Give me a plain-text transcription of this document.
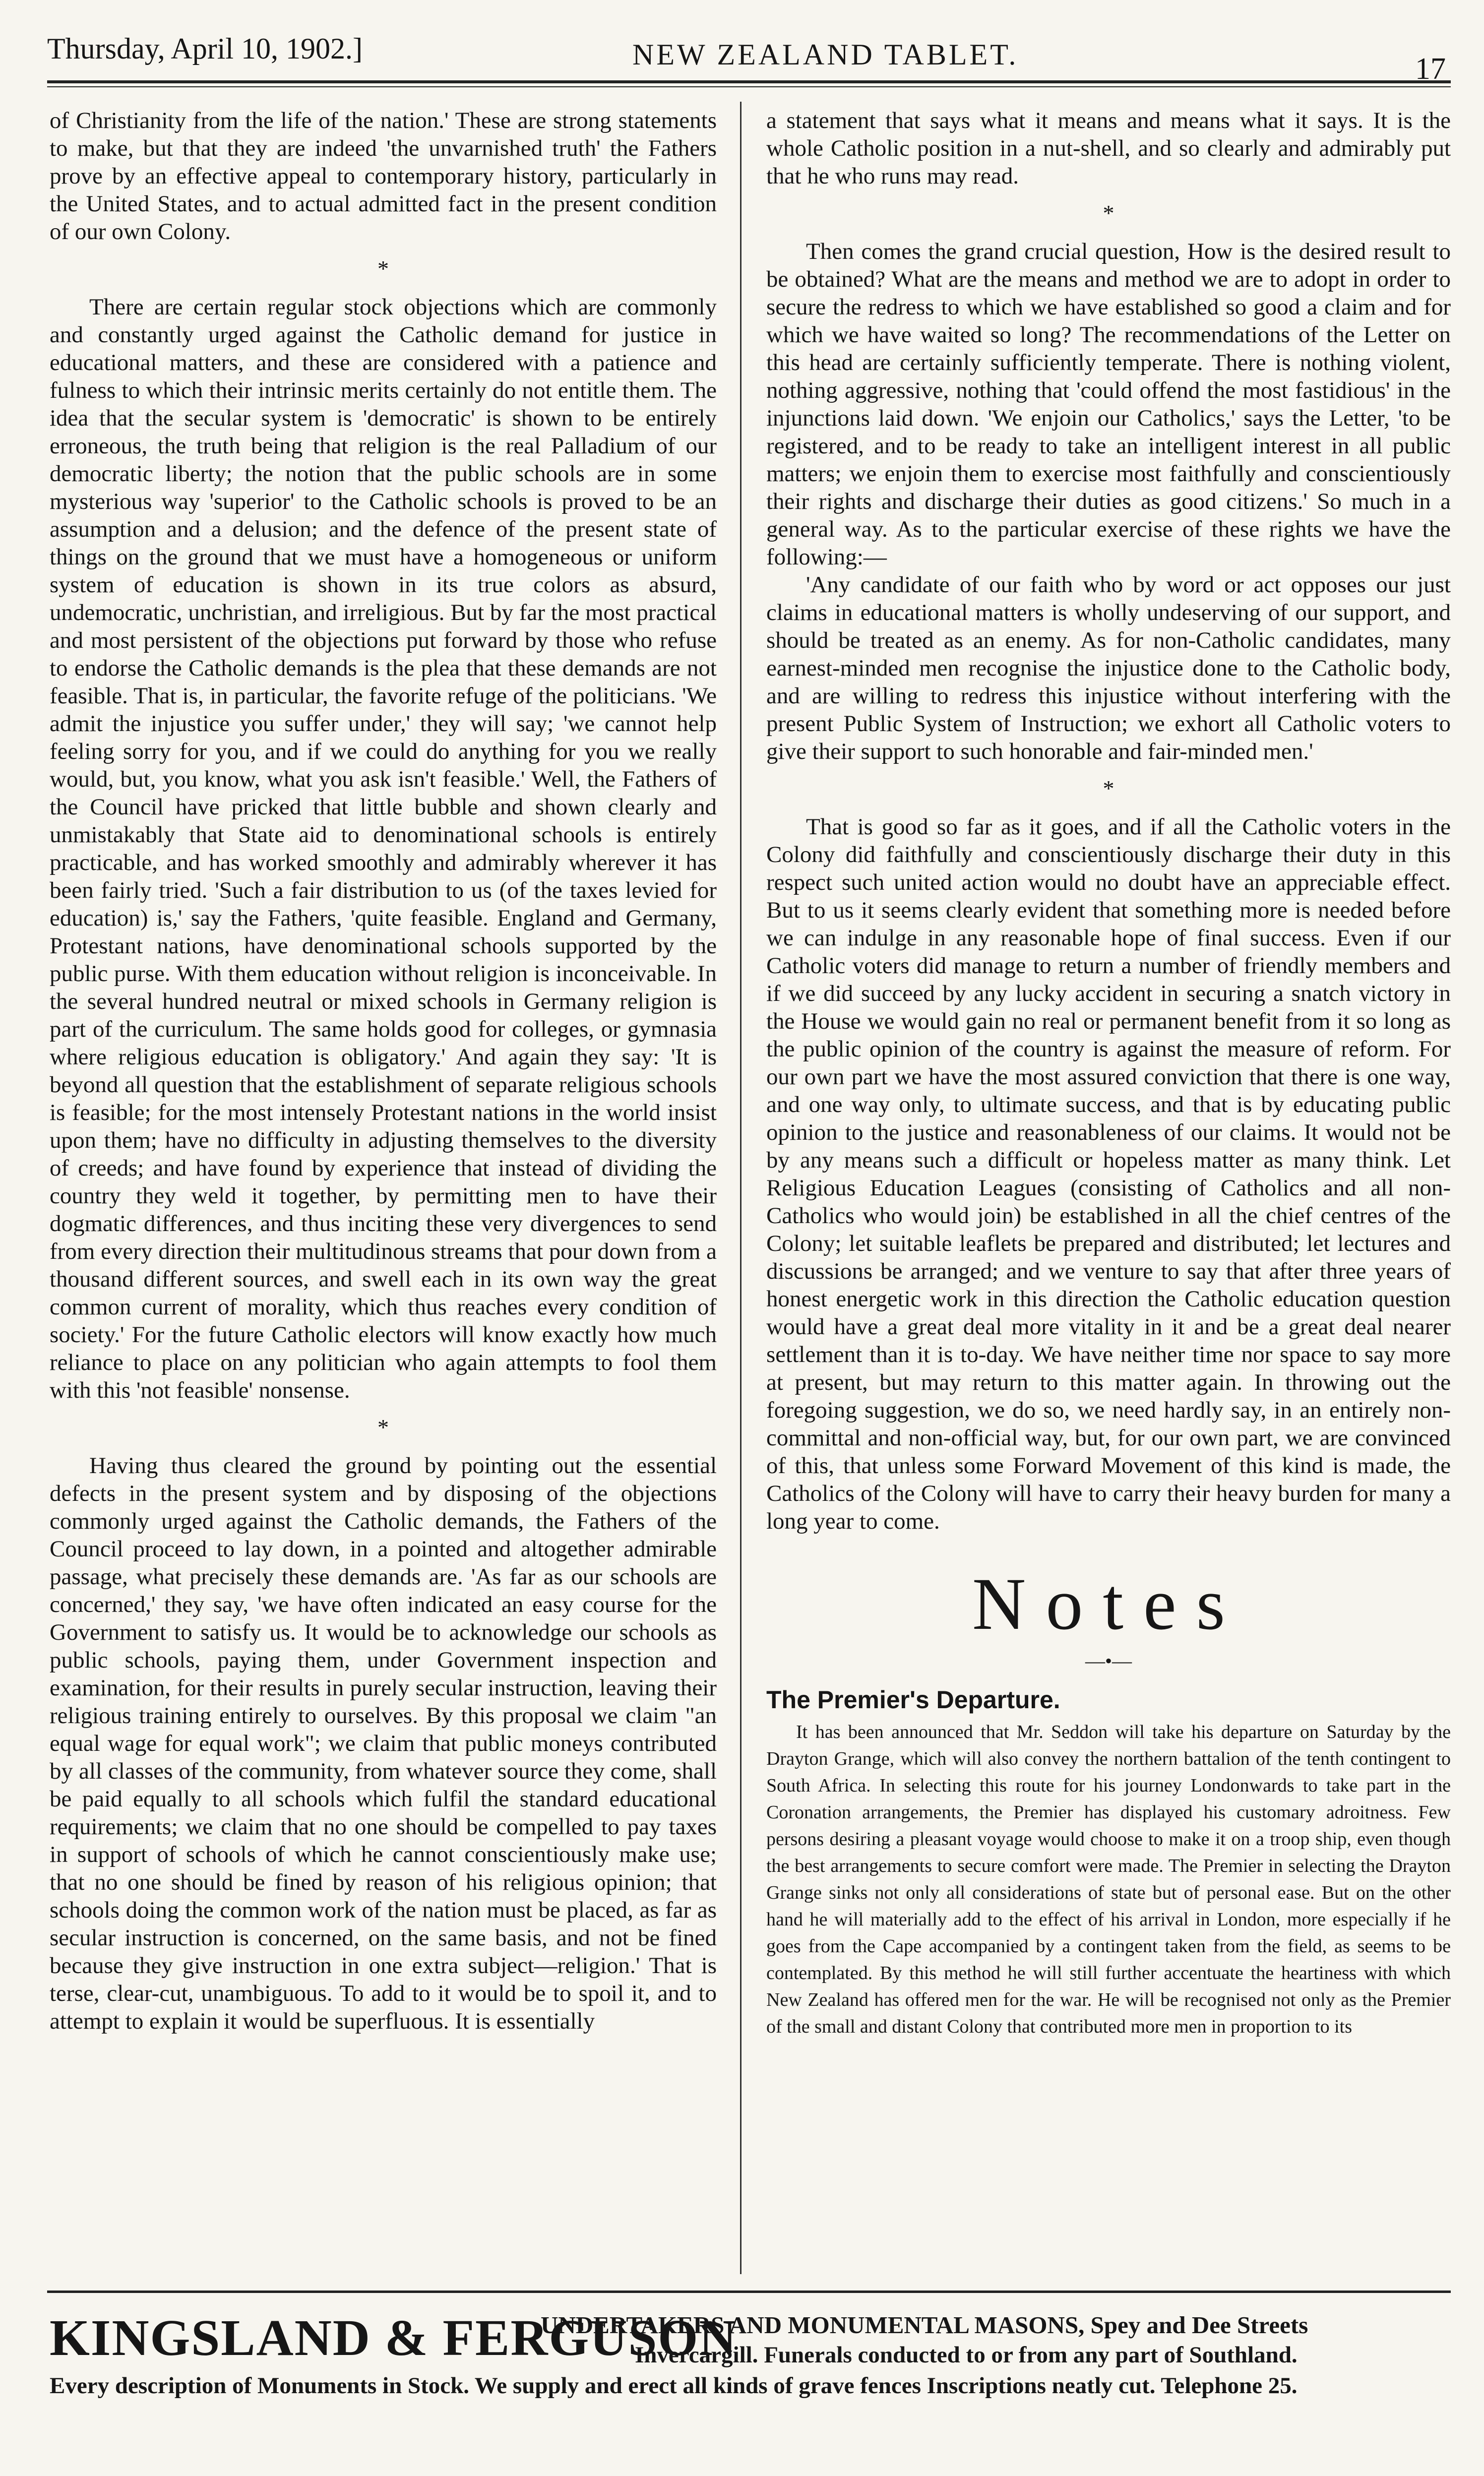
Thursday, April 10, 1902.]	NEW ZEALAND TABLET.	17

of Christianity from the life of the nation.' These are strong statements to make, but that they are indeed 'the unvarnished truth' the Fathers prove by an effective appeal to contemporary history, particularly in the United States, and to actual admitted fact in the present condition of our own Colony.

*

There are certain regular stock objections which are commonly and constantly urged against the Catholic demand for justice in educational matters, and these are considered with a patience and fulness to which their intrinsic merits certainly do not entitle them. The idea that the secular system is 'democratic' is shown to be entirely erroneous, the truth being that religion is the real Palladium of our democratic liberty; the notion that the public schools are in some mysterious way 'superior' to the Catholic schools is proved to be an assumption and a delusion; and the defence of the present state of things on the ground that we must have a homogeneous or uniform system of education is shown in its true colors as absurd, undemocratic, unchristian, and irreligious. But by far the most practical and most persistent of the objections put forward by those who refuse to endorse the Catholic demands is the plea that these demands are not feasible. That is, in particular, the favorite refuge of the politicians. 'We admit the injustice you suffer under,' they will say; 'we cannot help feeling sorry for you, and if we could do anything for you we really would, but, you know, what you ask isn't feasible.' Well, the Fathers of the Council have pricked that little bubble and shown clearly and unmistakably that State aid to denominational schools is entirely practicable, and has worked smoothly and admirably wherever it has been fairly tried. 'Such a fair distribution to us (of the taxes levied for education) is,' say the Fathers, 'quite feasible. England and Germany, Protestant nations, have denominational schools supported by the public purse. With them education without religion is inconceivable. In the several hundred neutral or mixed schools in Germany religion is part of the curriculum. The same holds good for colleges, or gymnasia where religious education is obligatory.' And again they say: 'It is beyond all question that the establishment of separate religious schools is feasible; for the most intensely Protestant nations in the world insist upon them; have no difficulty in adjusting themselves to the diversity of creeds; and have found by experience that instead of dividing the country they weld it together, by permitting men to have their dogmatic differences, and thus inciting these very divergences to send from every direction their multitudinous streams that pour down from a thousand different sources, and swell each in its own way the great common current of morality, which thus reaches every condition of society.' For the future Catholic electors will know exactly how much reliance to place on any politician who again attempts to fool them with this 'not feasible' nonsense.

*

Having thus cleared the ground by pointing out the essential defects in the present system and by disposing of the objections commonly urged against the Catholic demands, the Fathers of the Council proceed to lay down, in a pointed and altogether admirable passage, what precisely these demands are. 'As far as our schools are concerned,' they say, 'we have often indicated an easy course for the Government to satisfy us. It would be to acknowledge our schools as public schools, paying them, under Government inspection and examination, for their results in purely secular instruction, leaving their religious training entirely to ourselves. By this proposal we claim "an equal wage for equal work"; we claim that public moneys contributed by all classes of the community, from whatever source they come, shall be paid equally to all schools which fulfil the standard educational requirements; we claim that no one should be compelled to pay taxes in support of schools of which he cannot conscientiously make use; that no one should be fined by reason of his religious opinion; that schools doing the common work of the nation must be placed, as far as secular instruction is concerned, on the same basis, and not be fined because they give instruction in one extra subject—religion.' That is terse, clear-cut, unambiguous. To add to it would be to spoil it, and to attempt to explain it would be superfluous. It is essentially

a statement that says what it means and means what it says. It is the whole Catholic position in a nut-shell, and so clearly and admirably put that he who runs may read.

*

Then comes the grand crucial question, How is the desired result to be obtained? What are the means and method we are to adopt in order to secure the redress to which we have established so good a claim and for which we have waited so long? The recommendations of the Letter on this head are certainly sufficiently temperate. There is nothing violent, nothing aggressive, nothing that 'could offend the most fastidious' in the injunctions laid down. 'We enjoin our Catholics,' says the Letter, 'to be registered, and to be ready to take an intelligent interest in all public matters; we enjoin them to exercise most faithfully and conscientiously their rights and discharge their duties as good citizens.' So much in a general way. As to the particular exercise of these rights we have the following:—

'Any candidate of our faith who by word or act opposes our just claims in educational matters is wholly undeserving of our support, and should be treated as an enemy. As for non-Catholic candidates, many earnest-minded men recognise the injustice done to the Catholic body, and are willing to redress this injustice without interfering with the present Public System of Instruction; we exhort all Catholic voters to give their support to such honorable and fair-minded men.'

*

That is good so far as it goes, and if all the Catholic voters in the Colony did faithfully and conscientiously discharge their duty in this respect such united action would no doubt have an appreciable effect. But to us it seems clearly evident that something more is needed before we can indulge in any reasonable hope of final success. Even if our Catholic voters did manage to return a number of friendly members and if we did succeed by any lucky accident in securing a snatch victory in the House we would gain no real or permanent benefit from it so long as the public opinion of the country is against the measure of reform. For our own part we have the most assured conviction that there is one way, and one way only, to ultimate success, and that is by educating public opinion to the justice and reasonableness of our claims. It would not be by any means such a difficult or hopeless matter as many think. Let Religious Education Leagues (consisting of Catholics and all non-Catholics who would join) be established in all the chief centres of the Colony; let suitable leaflets be prepared and distributed; let lectures and discussions be arranged; and we venture to say that after three years of honest energetic work in this direction the Catholic education question would have a great deal more vitality in it and be a great deal nearer settlement than it is to-day. We have neither time nor space to say more at present, but may return to this matter again. In throwing out the foregoing suggestion, we do so, we need hardly say, in an entirely non-committal and non-official way, but, for our own part, we are convinced of this, that unless some Forward Movement of this kind is made, the Catholics of the Colony will have to carry their heavy burden for many a long year to come.

Notes
—•—
The Premier's Departure.
It has been announced that Mr. Seddon will take his departure on Saturday by the Drayton Grange, which will also convey the northern battalion of the tenth contingent to South Africa. In selecting this route for his journey Londonwards to take part in the Coronation arrangements, the Premier has displayed his customary adroitness. Few persons desiring a pleasant voyage would choose to make it on a troop ship, even though the best arrangements to secure comfort were made. The Premier in selecting the Drayton Grange sinks not only all considerations of state but of personal ease. But on the other hand he will materially add to the effect of his arrival in London, more especially if he goes from the Cape accompanied by a contingent taken from the field, as seems to be contemplated. By this method he will still further accentuate the heartiness with which New Zealand has offered men for the war. He will be recognised not only as the Premier of the small and distant Colony that contributed more men in proportion to its
KINGSLAND & FERGUSON
UNDERTAKERS AND MONUMENTAL MASONS, Spey and Dee Streets
Invercargill. Funerals conducted to or from any part of Southland.
Every description of Monuments in Stock. We supply and erect all kinds of grave fences Inscriptions neatly cut. Telephone 25.
